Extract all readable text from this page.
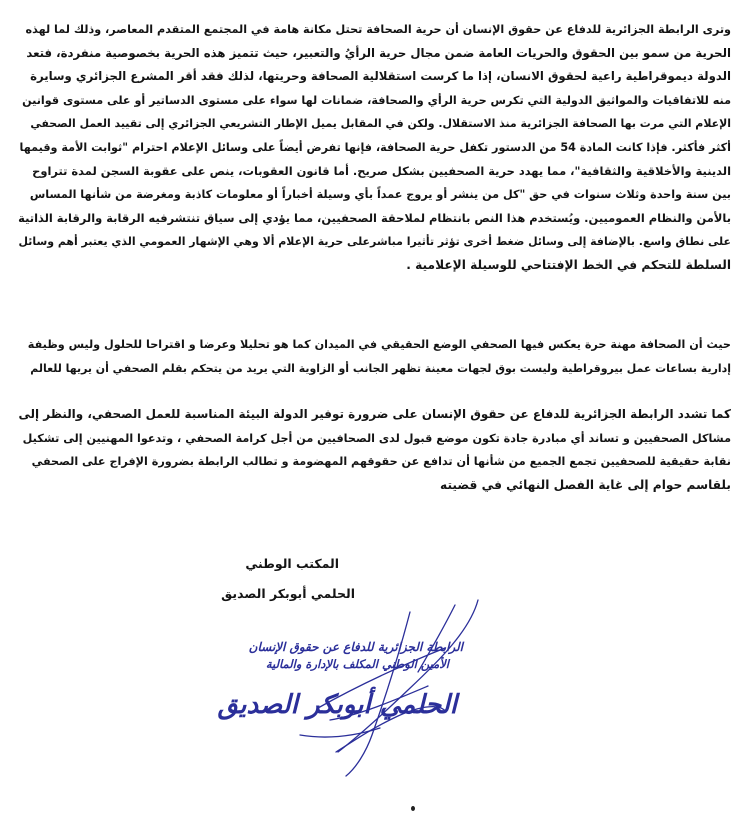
وترى الرابطة الجزائرية للدفاع عن حقوق الإنسان أن حرية الصحافة تحتل مكانة هامة في المجتمع المتقدم المعاصر، وذلك لما لهذه
الحرية من سمو بين الحقوق والحريات العامة ضمن مجال حرية الرأيُ والتعبير، حيث تتميز هذه الحرية بخصوصية منفردة، فتعد
الدولة ديموقراطية راعية لحقوق الانسان، إذا ما كرست استقلالية الصحافة وحريتها، لذلك فقد أقر المشرع الجزائري وسايرة
منه للاتفاقيات والمواثيق الدولية التي تكرس حرية الرأي والصحافة، ضمانات لها سواء على مستوى الدساتير أو على مستوى قوانين
الإعلام التي مرت بها الصحافة الجزائرية منذ الاستقلال. ولكن في المقابل يميل الإطار التشريعي الجزائري إلى تقييد العمل الصحفي
أكثر فأكثر. فإذا كانت المادة 54 من الدستور تكفل حرية الصحافة، فإنها تفرض أيضاً على وسائل الإعلام احترام "ثوابت الأمة وقيمها
الدينية والأخلاقية والثقافية"، مما يهدد حرية الصحفيين بشكل صريح. أما قانون العقوبات، ينص على عقوبة السجن لمدة تتراوح
بين سنة واحدة وثلاث سنوات في حق "كل من ينشر أو يروج عمداً بأي وسيلة أخباراً أو معلومات كاذبة ومغرضة من شأنها المساس
بالأمن والنظام العموميين. ويُستخدم هذا النص بانتظام لملاحقة الصحفيين، مما يؤدي إلى سياق تنتشرفيه الرقابة والرقابة الذاتية
على نطاق واسع. بالإضافة إلى وسائل ضغط أخرى تؤثر تأثيرا مباشرعلى حرية الإعلام ألا وهي الإشهار العمومي الذي يعتبر أهم وسائل
السلطة للتحكم في الخط الإفتتاحي للوسيلة الإعلامية .
حيث أن الصحافة مهنة حرة يعكس فيها الصحفي الوضع الحقيقي في الميدان كما هو تحليلا وعرضا و اقتراحا للحلول وليس وظيفة
إدارية بساعات عمل بيروقراطية وليست بوق لجهات معينة تظهر الجانب أو الزاوية التي يريد من يتحكم بقلم الصحفي أن يريها للعالم
كما تشدد الرابطة الجزائرية للدفاع عن حقوق الإنسان على ضرورة توفير الدولة البيئة المناسبة للعمل الصحفي، والنظر إلى
مشاكل الصحفيين و تساند أي مبادرة جادة تكون موضع قبول لدى الصحافيين من أجل كرامة الصحفي ، وتدعوا المهنيين إلى تشكيل
نقابة حقيقية للصحفيين تجمع الجميع من شأنها أن تدافع عن حقوقهم المهضومة و تطالب الرابطة بضرورة الإفراج على الصحفي
بلقاسم حوام إلى غاية الفصل النهائي في قضيته
المكتب الوطني
الحلمي أبوبكر الصديق
الرابطة الجزائرية للدفاع عن حقوق الإنسان
الأمين الوطني المكلف بالإدارة والمالية
الحلمي أبوبكر الصديق
